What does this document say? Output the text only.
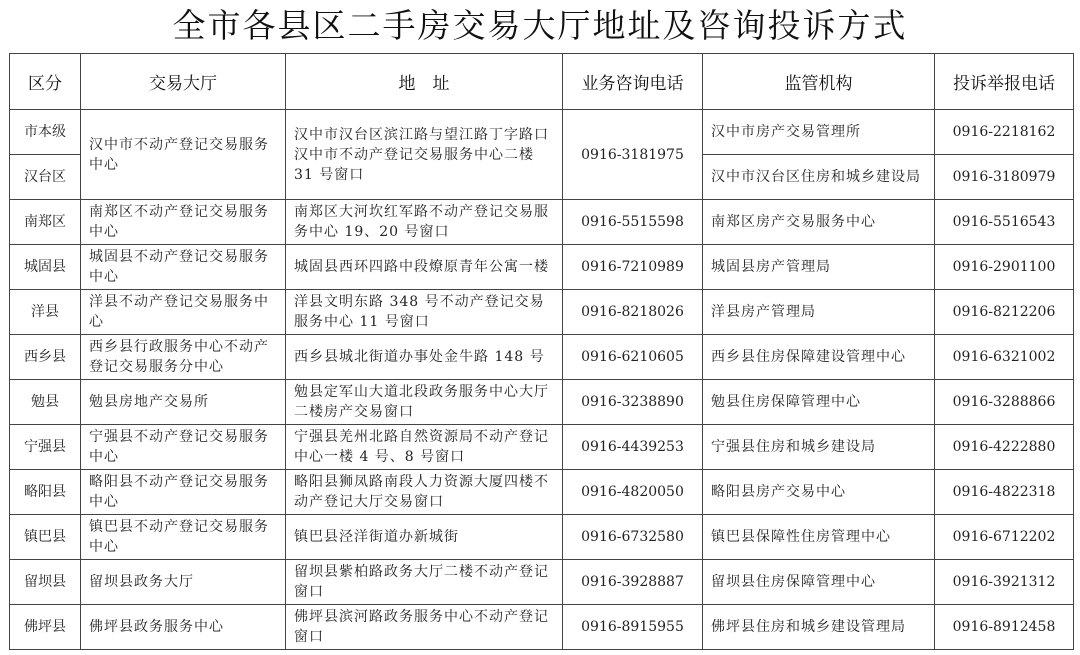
全市各县区二手房交易大厅地址及咨询投诉方式
区分	交易大厅	地　址	业务咨询电话	监管机构	投诉举报电话
市本级	汉中市不动产登记交易服务中心	汉中市汉台区滨江路与望江路丁字路口汉中市不动产登记交易服务中心二楼 31 号窗口	0916-3181975	汉中市房产交易管理所	0916-2218162
汉台区				汉中市汉台区住房和城乡建设局	0916-3180979
南郑区	南郑区不动产登记交易服务中心	南郑区大河坎红军路不动产登记交易服务中心 19、20 号窗口	0916-5515598	南郑区房产交易服务中心	0916-5516543
城固县	城固县不动产登记交易服务中心	城固县西环四路中段燎原青年公寓一楼	0916-7210989	城固县房产管理局	0916-2901100
洋县	洋县不动产登记交易服务中心	洋县文明东路 348 号不动产登记交易服务中心 11 号窗口	0916-8218026	洋县房产管理局	0916-8212206
西乡县	西乡县行政服务中心不动产登记交易服务分中心	西乡县城北街道办事处金牛路 148 号	0916-6210605	西乡县住房保障建设管理中心	0916-6321002
勉县	勉县房地产交易所	勉县定军山大道北段政务服务中心大厅二楼房产交易窗口	0916-3238890	勉县住房保障管理中心	0916-3288866
宁强县	宁强县不动产登记交易服务中心	宁强县羌州北路自然资源局不动产登记中心一楼 4 号、8 号窗口	0916-4439253	宁强县住房和城乡建设局	0916-4222880
略阳县	略阳县不动产登记交易服务中心	略阳县狮凤路南段人力资源大厦四楼不动产登记大厅交易窗口	0916-4820050	略阳县房产交易中心	0916-4822318
镇巴县	镇巴县不动产登记交易服务中心	镇巴县泾洋街道办新城街	0916-6732580	镇巴县保障性住房管理中心	0916-6712202
留坝县	留坝县政务大厅	留坝县紫柏路政务大厅二楼不动产登记窗口	0916-3928887	留坝县住房保障管理中心	0916-3921312
佛坪县	佛坪县政务服务中心	佛坪县滨河路政务服务中心不动产登记窗口	0916-8915955	佛坪县住房和城乡建设管理局	0916-8912458
